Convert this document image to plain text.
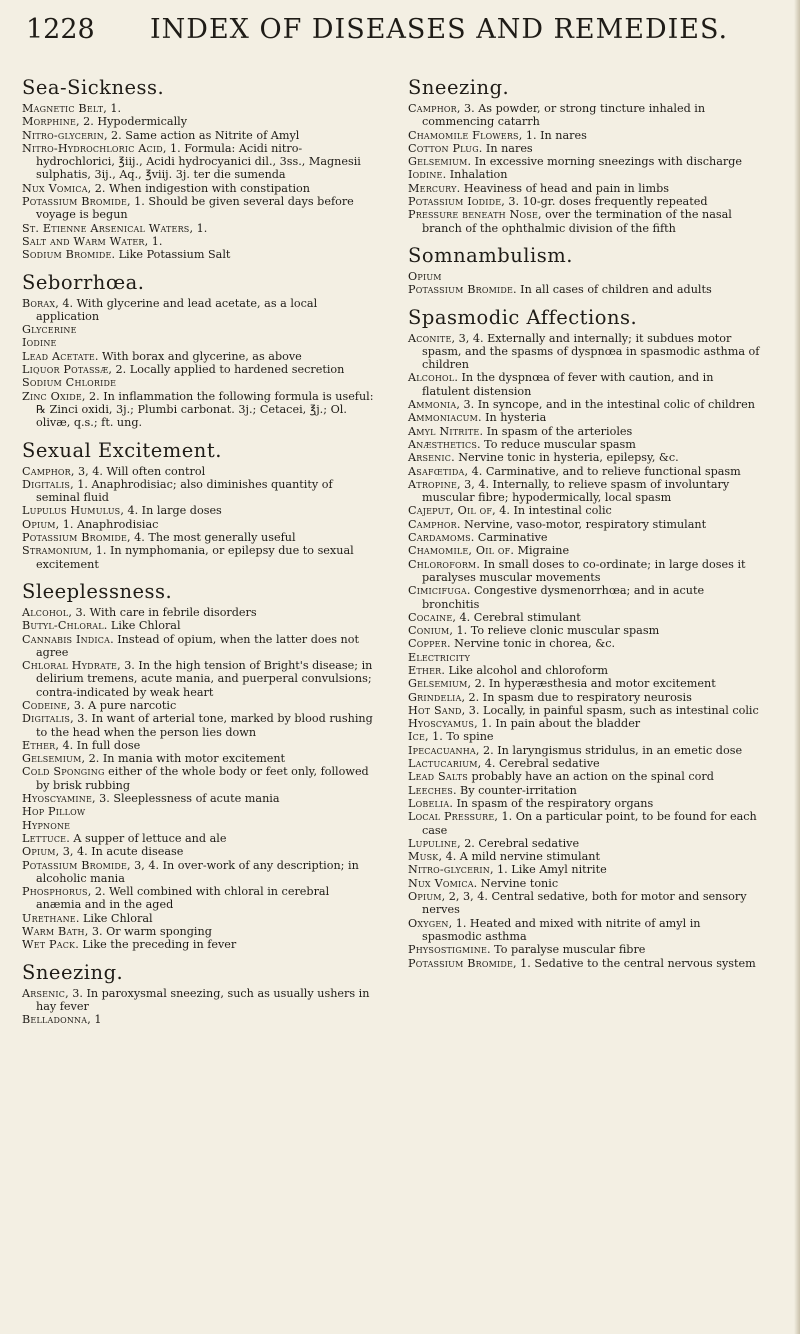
1228	INDEX OF DISEASES AND REMEDIES.
Sea-Sickness.

Magnetic Belt, 1.

Morphine, 2. Hypodermically

Nitro-glycerin, 2. Same action as Nitrite of Amyl

Nitro-Hydrochloric Acid, 1. Formula: Acidi nitro-hydrochlorici, ℥iij., Acidi hydrocyanici dil., 3ss., Magnesii sulphatis, 3ij., Aq., ℥viij. 3j. ter die sumenda

Nux Vomica, 2. When indigestion with constipation

Potassium Bromide, 1. Should be given several days before voyage is begun

St. Etienne Arsenical Waters, 1.

Salt and Warm Water, 1.

Sodium Bromide. Like Potassium Salt

Seborrhœa.

Borax, 4. With glycerine and lead acetate, as a local application

Glycerine

Iodine

Lead Acetate. With borax and glycerine, as above

Liquor Potassæ, 2. Locally applied to hardened secretion

Sodium Chloride

Zinc Oxide, 2. In inflammation the following formula is useful: ℞ Zinci oxidi, 3j.; Plumbi carbonat. 3j.; Cetacei, ℥j.; Ol. olivæ, q.s.; ft. ung.

Sexual Excitement.

Camphor, 3, 4. Will often control

Digitalis, 1. Anaphrodisiac; also diminishes quantity of seminal fluid

Lupulus Humulus, 4. In large doses

Opium, 1. Anaphrodisiac

Potassium Bromide, 4. The most generally useful

Stramonium, 1. In nymphomania, or epilepsy due to sexual excitement

Sleeplessness.

Alcohol, 3. With care in febrile disorders

Butyl-Chloral. Like Chloral

Cannabis Indica. Instead of opium, when the latter does not agree

Chloral Hydrate, 3. In the high tension of Bright's disease; in delirium tremens, acute mania, and puerperal convulsions; contra-indicated by weak heart

Codeine, 3. A pure narcotic

Digitalis, 3. In want of arterial tone, marked by blood rushing to the head when the person lies down

Ether, 4. In full dose

Gelsemium, 2. In mania with motor excitement

Cold Sponging either of the whole body or feet only, followed by brisk rubbing

Hyoscyamine, 3. Sleeplessness of acute mania

Hop Pillow

Hypnone

Lettuce. A supper of lettuce and ale

Opium, 3, 4. In acute disease

Potassium Bromide, 3, 4. In over-work of any description; in alcoholic mania

Phosphorus, 2. Well combined with chloral in cerebral anæmia and in the aged

Urethane. Like Chloral

Warm Bath, 3. Or warm sponging

Wet Pack. Like the preceding in fever

Sneezing.

Arsenic, 3. In paroxysmal sneezing, such as usually ushers in hay fever

Belladonna, 1

Sneezing.

Camphor, 3. As powder, or strong tincture inhaled in commencing catarrh

Chamomile Flowers, 1. In nares

Cotton Plug. In nares

Gelsemium. In excessive morning sneezings with discharge

Iodine. Inhalation

Mercury. Heaviness of head and pain in limbs

Potassium Iodide, 3. 10-gr. doses frequently repeated

Pressure beneath Nose, over the termination of the nasal branch of the ophthalmic division of the fifth

Somnambulism.

Opium

Potassium Bromide. In all cases of children and adults

Spasmodic Affections.

Aconite, 3, 4. Externally and internally; it subdues motor spasm, and the spasms of dyspnœa in spasmodic asthma of children

Alcohol. In the dyspnœa of fever with caution, and in flatulent distension

Ammonia, 3. In syncope, and in the intestinal colic of children

Ammoniacum. In hysteria

Amyl Nitrite. In spasm of the arterioles

Anæsthetics. To reduce muscular spasm

Arsenic. Nervine tonic in hysteria, epilepsy, &c.

Asafœtida, 4. Carminative, and to relieve functional spasm

Atropine, 3, 4. Internally, to relieve spasm of involuntary muscular fibre; hypodermically, local spasm

Cajeput, Oil of, 4. In intestinal colic

Camphor. Nervine, vaso-motor, respiratory stimulant

Cardamoms. Carminative

Chamomile, Oil of. Migraine

Chloroform. In small doses to co-ordinate; in large doses it paralyses muscular movements

Cimicifuga. Congestive dysmenorrhœa; and in acute bronchitis

Cocaine, 4. Cerebral stimulant

Conium, 1. To relieve clonic muscular spasm

Copper. Nervine tonic in chorea, &c.

Electricity

Ether. Like alcohol and chloroform

Gelsemium, 2. In hyperæsthesia and motor excitement

Grindelia, 2. In spasm due to respiratory neurosis

Hot Sand, 3. Locally, in painful spasm, such as intestinal colic

Hyoscyamus, 1. In pain about the bladder

Ice, 1. To spine

Ipecacuanha, 2. In laryngismus stridulus, in an emetic dose

Lactucarium, 4. Cerebral sedative

Lead Salts probably have an action on the spinal cord

Leeches. By counter-irritation

Lobelia. In spasm of the respiratory organs

Local Pressure, 1. On a particular point, to be found for each case

Lupuline, 2. Cerebral sedative

Musk, 4. A mild nervine stimulant

Nitro-glycerin, 1. Like Amyl nitrite

Nux Vomica. Nervine tonic

Opium, 2, 3, 4. Central sedative, both for motor and sensory nerves

Oxygen, 1. Heated and mixed with nitrite of amyl in spasmodic asthma

Physostigmine. To paralyse muscular fibre

Potassium Bromide, 1. Sedative to the central nervous system
